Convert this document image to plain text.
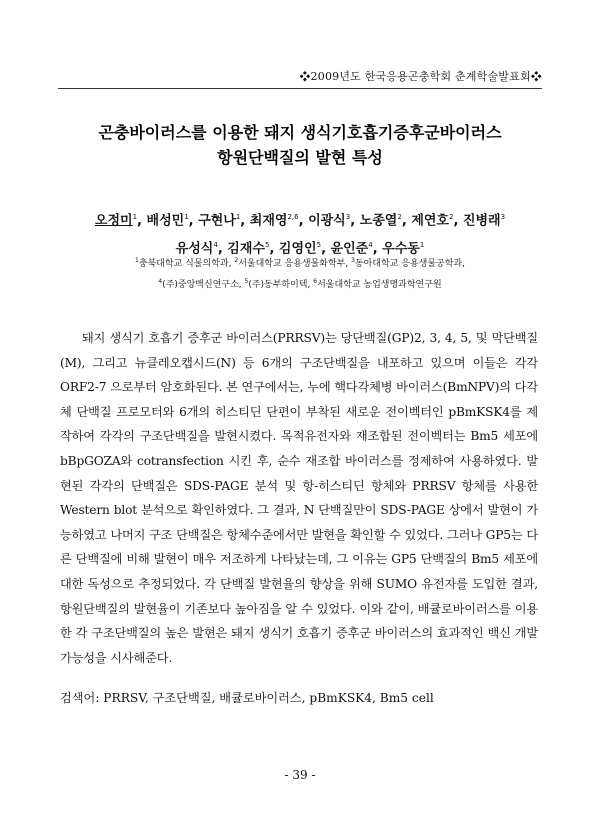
❖2009년도 한국응용곤충학회 춘계학술발표회❖
곤충바이러스를 이용한 돼지 생식기호흡기증후군바이러스
항원단백질의 발현 특성
오정미$^1$, 배성민$^1$, 구현나$^1$, 최재영$^{2,6}$, 이광식$^3$, 노종열$^2$, 제연호$^2$, 진병래$^3$
유성식$^4$, 김재수$^5$, 김영인$^5$, 윤인준$^4$, 우수동$^1$
$^1$충북대학교 식물의학과, $^2$서울대학교 응용생물화학부, $^3$동아대학교 응용생물공학과,
$^4$(주)중앙백신연구소, $^5$(주)동부하이텍, $^6$서울대학교 농업생명과학연구원

돼지 생식기 호흡기 증후군 바이러스(PRRSV)는 당단백질(GP)2, 3, 4, 5, 및 막단백질(M), 그리고 뉴클레오캡시드(N) 등 6개의 구조단백질을 내포하고 있으며 이들은 각각 ORF2-7 으로부터 암호화된다. 본 연구에서는, 누에 핵다각체병 바이러스(BmNPV)의 다각체 단백질 프로모터와 6개의 히스티딘 단편이 부착된 새로운 전이벡터인 pBmKSK4를 제작하여 각각의 구조단백질을 발현시켰다. 목적유전자와 재조합된 전이벡터는 Bm5 세포에 bBpGOZA와 cotransfection 시킨 후, 순수 재조합 바이러스를 정제하여 사용하였다. 발현된 각각의 단백질은 SDS-PAGE 분석 및 항-히스티딘 항체와 PRRSV 항체를 사용한 Western blot 분석으로 확인하였다. 그 결과, N 단백질만이 SDS-PAGE 상에서 발현이 가능하였고 나머지 구조 단백질은 항체수준에서만 발현을 확인할 수 있었다. 그러나 GP5는 다른 단백질에 비해 발현이 매우 저조하게 나타났는데, 그 이유는 GP5 단백질의 Bm5 세포에 대한 독성으로 추정되었다. 각 단백질 발현율의 향상을 위해 SUMO 유전자를 도입한 결과, 항원단백질의 발현율이 기존보다 높아짐을 알 수 있었다. 이와 같이, 배큘로바이러스를 이용한 각 구조단백질의 높은 발현은 돼지 생식기 호흡기 증후군 바이러스의 효과적인 백신 개발 가능성을 시사해준다.

검색어: PRRSV, 구조단백질, 배큘로바이러스, pBmKSK4, Bm5 cell
- 39 -
